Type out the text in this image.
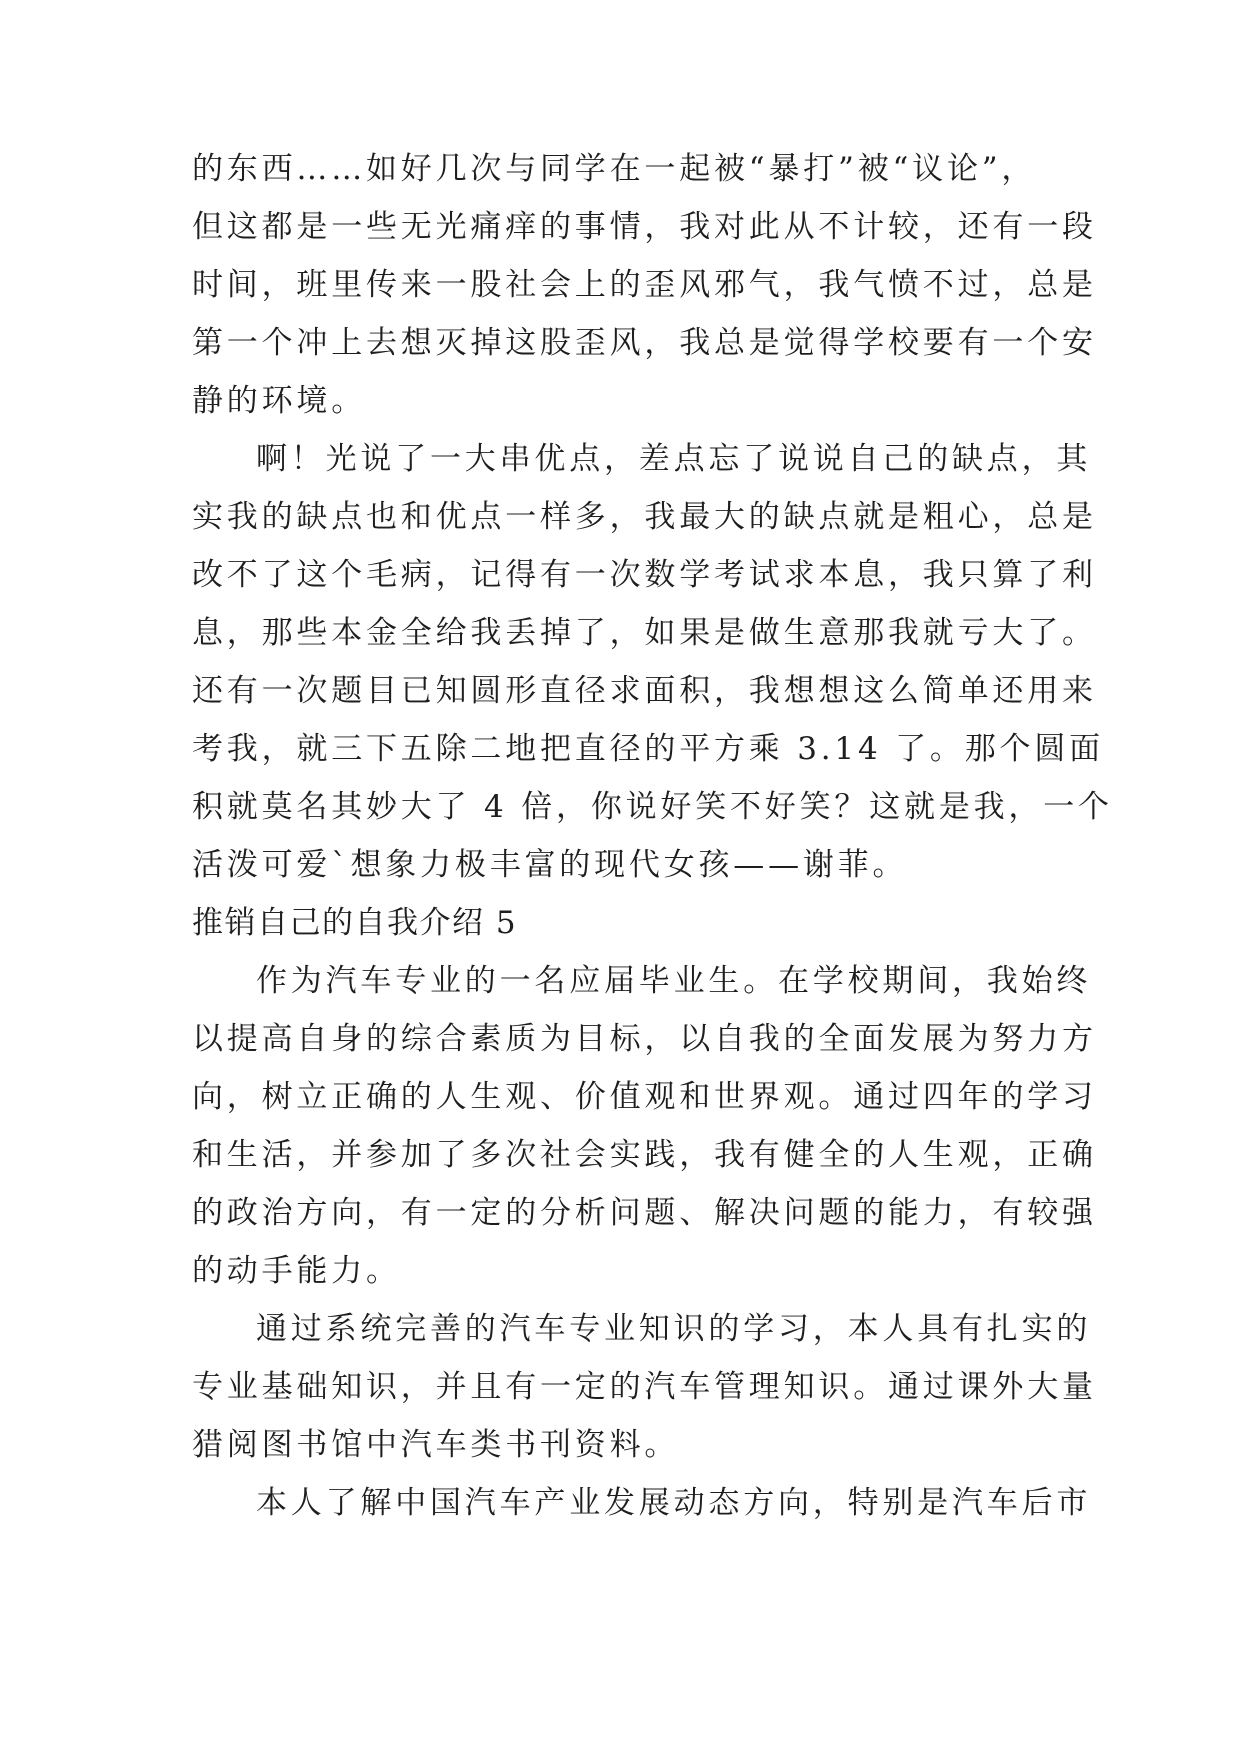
的东西……如好几次与同学在一起被“暴打”被“议论”，
但这都是一些无光痛痒的事情，我对此从不计较，还有一段
时间，班里传来一股社会上的歪风邪气，我气愤不过，总是
第一个冲上去想灭掉这股歪风，我总是觉得学校要有一个安
静的环境。
啊！光说了一大串优点，差点忘了说说自己的缺点，其
实我的缺点也和优点一样多，我最大的缺点就是粗心，总是
改不了这个毛病，记得有一次数学考试求本息，我只算了利
息，那些本金全给我丢掉了，如果是做生意那我就亏大了。
还有一次题目已知圆形直径求面积，我想想这么简单还用来
考我，就三下五除二地把直径的平方乘 3.14 了。那个圆面
积就莫名其妙大了 4 倍，你说好笑不好笑？这就是我，一个
活泼可爱`想象力极丰富的现代女孩——谢菲。
推销自己的自我介绍 5
作为汽车专业的一名应届毕业生。在学校期间，我始终
以提高自身的综合素质为目标，以自我的全面发展为努力方
向，树立正确的人生观、价值观和世界观。通过四年的学习
和生活，并参加了多次社会实践，我有健全的人生观，正确
的政治方向，有一定的分析问题、解决问题的能力，有较强
的动手能力。
通过系统完善的汽车专业知识的学习，本人具有扎实的
专业基础知识，并且有一定的汽车管理知识。通过课外大量
猎阅图书馆中汽车类书刊资料。
本人了解中国汽车产业发展动态方向，特别是汽车后市
